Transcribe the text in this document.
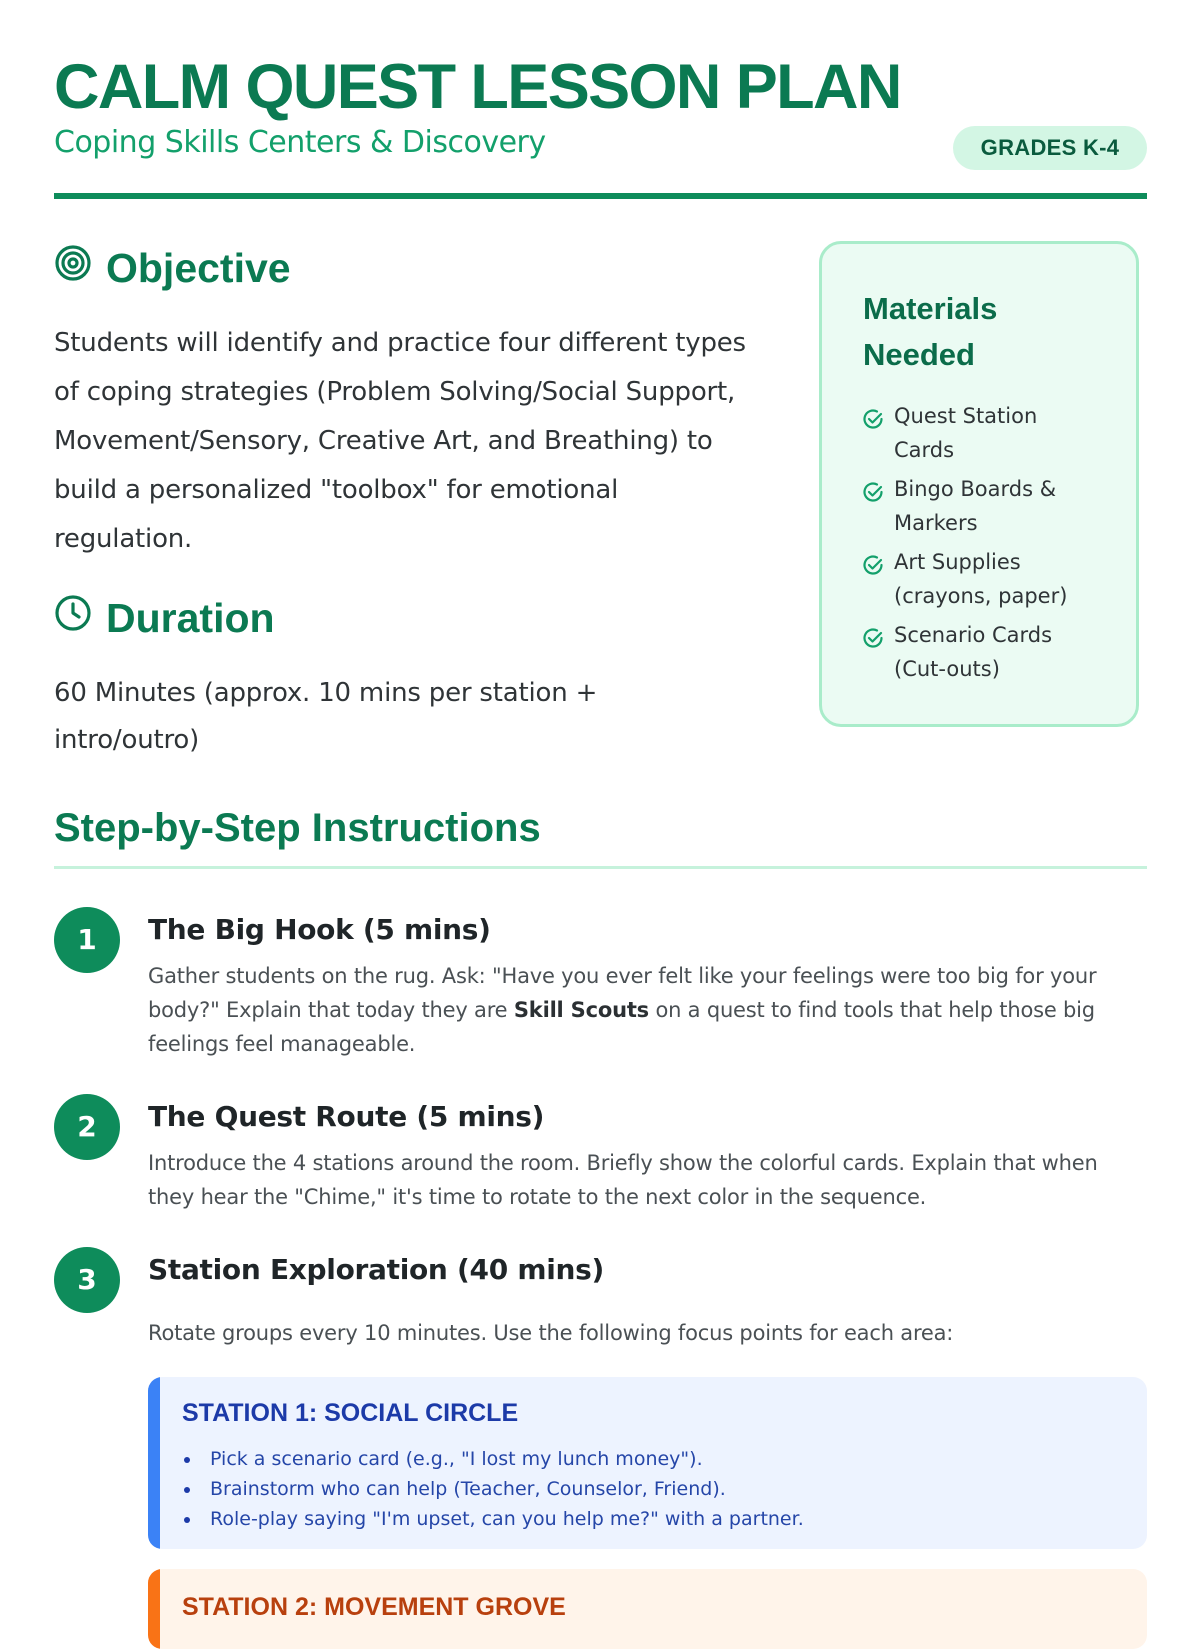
CALM QUEST LESSON PLAN
Coping Skills Centers & Discovery	GRADES K-4
Objective

Students will identify and practice four different types of coping strategies (Problem Solving/Social Support, Movement/Sensory, Creative Art, and Breathing) to build a personalized "toolbox" for emotional regulation.

Duration

60 Minutes (approx. 10 mins per station + intro/outro)

Materials Needed
Quest Station Cards
Bingo Boards & Markers
Art Supplies (crayons, paper)
Scenario Cards (Cut-outs)
Step-by-Step Instructions
1	The Big Hook (5 mins)

Gather students on the rug. Ask: "Have you ever felt like your feelings were too big for your body?" Explain that today they are Skill Scouts on a quest to find tools that help those big feelings feel manageable.

2	The Quest Route (5 mins)

Introduce the 4 stations around the room. Briefly show the colorful cards. Explain that when they hear the "Chime," it's time to rotate to the next color in the sequence.

3	Station Exploration (40 mins)

Rotate groups every 10 minutes. Use the following focus points for each area:

STATION 1: SOCIAL CIRCLE
Pick a scenario card (e.g., "I lost my lunch money").
Brainstorm who can help (Teacher, Counselor, Friend).
Role-play saying "I'm upset, can you help me?" with a partner.
STATION 2: MOVEMENT GROVE
